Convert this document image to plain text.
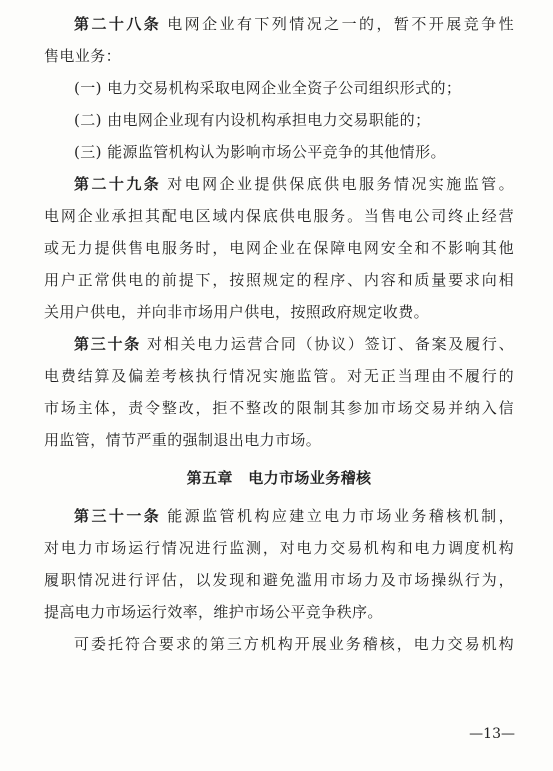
第二十八条 电网企业有下列情况之一的，暂不开展竞争性

售电业务：

(一) 电力交易机构采取电网企业全资子公司组织形式的；

(二) 由电网企业现有内设机构承担电力交易职能的；

(三) 能源监管机构认为影响市场公平竞争的其他情形。

第二十九条 对电网企业提供保底供电服务情况实施监管。

电网企业承担其配电区域内保底供电服务。当售电公司终止经营

或无力提供售电服务时，电网企业在保障电网安全和不影响其他

用户正常供电的前提下，按照规定的程序、内容和质量要求向相

关用户供电，并向非市场用户供电，按照政府规定收费。

第三十条 对相关电力运营合同（协议）签订、备案及履行、

电费结算及偏差考核执行情况实施监管。对无正当理由不履行的

市场主体，责令整改，拒不整改的限制其参加市场交易并纳入信

用监管，情节严重的强制退出电力市场。

第五章　电力市场业务稽核

第三十一条 能源监管机构应建立电力市场业务稽核机制，

对电力市场运行情况进行监测，对电力交易机构和电力调度机构

履职情况进行评估，以发现和避免滥用市场力及市场操纵行为，

提高电力市场运行效率，维护市场公平竞争秩序。

可委托符合要求的第三方机构开展业务稽核，电力交易机构

—13—
